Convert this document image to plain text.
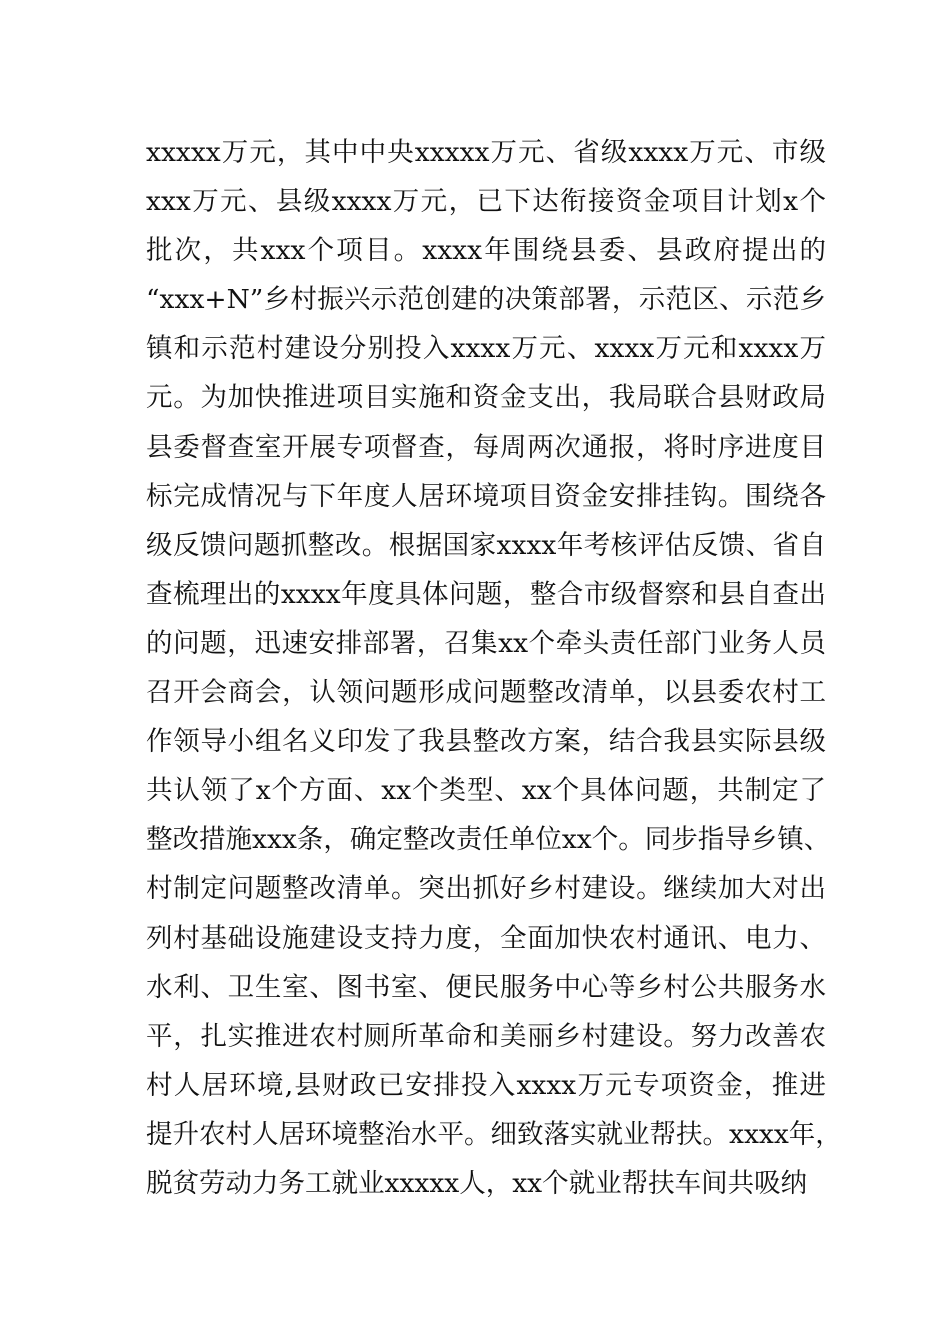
xxxxx万元，其中中央xxxxx万元、省级xxxx万元、市级
xxx万元、县级xxxx万元，已下达衔接资金项目计划x个
批次，共xxx个项目。xxxx年围绕县委、县政府提出的
“xxx+N”乡村振兴示范创建的决策部署，示范区、示范乡
镇和示范村建设分别投入xxxx万元、xxxx万元和xxxx万
元。为加快推进项目实施和资金支出，我局联合县财政局
县委督查室开展专项督查，每周两次通报，将时序进度目
标完成情况与下年度人居环境项目资金安排挂钩。围绕各
级反馈问题抓整改。根据国家xxxx年考核评估反馈、省自
查梳理出的xxxx年度具体问题，整合市级督察和县自查出
的问题，迅速安排部署，召集xx个牵头责任部门业务人员
召开会商会，认领问题形成问题整改清单，以县委农村工
作领导小组名义印发了我县整改方案，结合我县实际县级
共认领了x个方面、xx个类型、xx个具体问题，共制定了
整改措施xxx条，确定整改责任单位xx个。同步指导乡镇、
村制定问题整改清单。突出抓好乡村建设。继续加大对出
列村基础设施建设支持力度，全面加快农村通讯、电力、
水利、卫生室、图书室、便民服务中心等乡村公共服务水
平，扎实推进农村厕所革命和美丽乡村建设。努力改善农
村人居环境,县财政已安排投入xxxx万元专项资金，推进
提升农村人居环境整治水平。细致落实就业帮扶。xxxx年，
脱贫劳动力务工就业xxxxx人，xx个就业帮扶车间共吸纳
